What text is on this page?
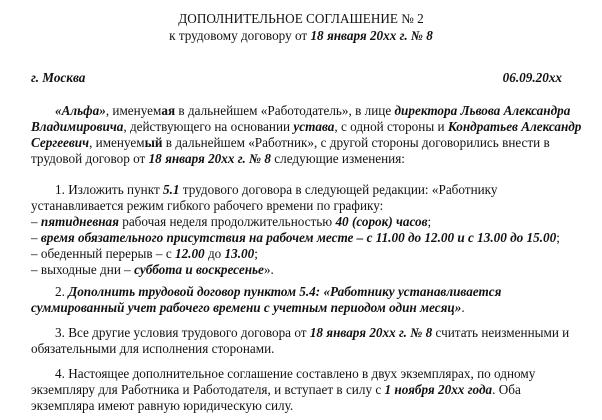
ДОПОЛНИТЕЛЬНОЕ СОГЛАШЕНИЕ № 2
к трудовому договору от 18 января 20xx г. № 8
г. Москва	06.09.20xx
«Альфа», именуемая в дальнейшем «Работодатель», в лице директора Львова Александра
Владимировича, действующего на основании устава, с одной стороны и Кондратьев Александр
Сергеевич, именуемый в дальнейшем «Работник», с другой стороны договорились внести в
трудовой договор от 18 января 20xx г. № 8 следующие изменения:
1. Изложить пункт 5.1 трудового договора в следующей редакции: «Работнику
устанавливается режим гибкого рабочего времени по графику:
– пятидневная рабочая неделя продолжительностью 40 (сорок) часов;
– время обязательного присутствия на рабочем месте – с 11.00 до 12.00 и с 13.00 до 15.00;
– обеденный перерыв – с 12.00 до 13.00;
– выходные дни – суббота и воскресенье».
2. Дополнить трудовой договор пунктом 5.4: «Работнику устанавливается
суммированный учет рабочего времени с учетным периодом один месяц».
3. Все другие условия трудового договора от 18 января 20xx г. № 8 считать неизменными и
обязательными для исполнения сторонами.
4. Настоящее дополнительное соглашение составлено в двух экземплярах, по одному
экземпляру для Работника и Работодателя, и вступает в силу с 1 ноября 20xx года. Оба
экземпляра имеют равную юридическую силу.
